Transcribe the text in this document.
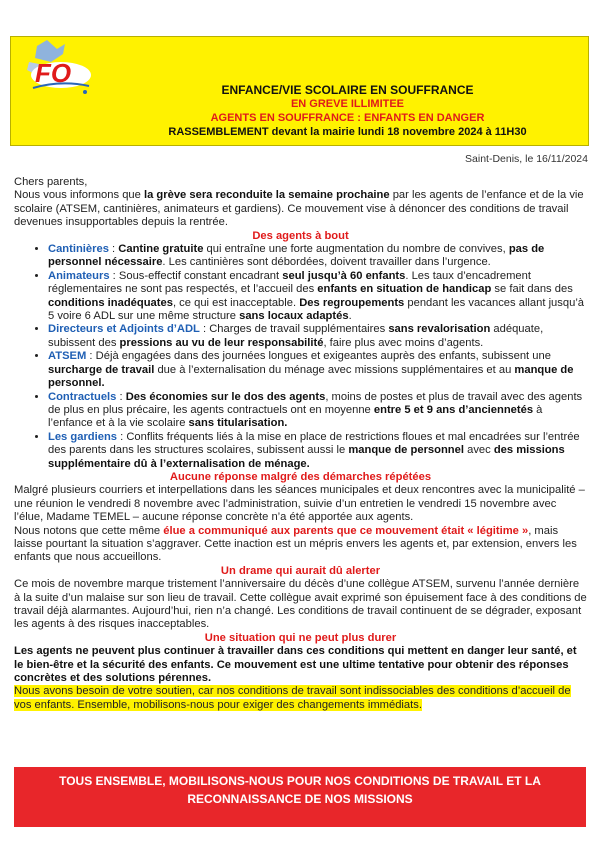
FO
ENFANCE/VIE SCOLAIRE EN SOUFFRANCE
EN GREVE ILLIMITEE
AGENTS EN SOUFFRANCE : ENFANTS EN DANGER
RASSEMBLEMENT devant la mairie lundi 18 novembre 2024 à 11H30
Saint-Denis, le 16/11/2024

Chers parents,

Nous vous informons que la grève sera reconduite la semaine prochaine par les agents de l’enfance et de la vie scolaire (ATSEM, cantinières, animateurs et gardiens). Ce mouvement vise à dénoncer des conditions de travail devenues insupportables depuis la rentrée.

Des agents à bout
• Cantinières : Cantine gratuite qui entraîne une forte augmentation du nombre de convives, pas de personnel nécessaire. Les cantinières sont débordées, doivent travailler dans l’urgence.
• Animateurs : Sous-effectif constant encadrant seul jusqu’à 60 enfants. Les taux d’encadrement réglementaires ne sont pas respectés, et l’accueil des enfants en situation de handicap se fait dans des conditions inadéquates, ce qui est inacceptable. Des regroupements pendant les vacances allant jusqu’à 5 voire 6 ADL sur une même structure sans locaux adaptés.
• Directeurs et Adjoints d’ADL : Charges de travail supplémentaires sans revalorisation adéquate, subissent des pressions au vu de leur responsabilité, faire plus avec moins d’agents.
• ATSEM : Déjà engagées dans des journées longues et exigeantes auprès des enfants, subissent une surcharge de travail due à l’externalisation du ménage avec missions supplémentaires et au manque de personnel.
• Contractuels : Des économies sur le dos des agents, moins de postes et plus de travail avec des agents de plus en plus précaire, les agents contractuels ont en moyenne entre 5 et 9 ans d’anciennetés à l’enfance et à la vie scolaire sans titularisation.
• Les gardiens : Conflits fréquents liés à la mise en place de restrictions floues et mal encadrées sur l’entrée des parents dans les structures scolaires, subissent aussi le manque de personnel avec des missions supplémentaire dû à l’externalisation de ménage.
Aucune réponse malgré des démarches répétées

Malgré plusieurs courriers et interpellations dans les séances municipales et deux rencontres avec la municipalité – une réunion le vendredi 8 novembre avec l’administration, suivie d’un entretien le vendredi 15 novembre avec l’élue, Madame TEMEL – aucune réponse concrète n’a été apportée aux agents.

Nous notons que cette même élue a communiqué aux parents que ce mouvement était « légitime », mais laisse pourtant la situation s’aggraver. Cette inaction est un mépris envers les agents et, par extension, envers les enfants que nous accueillons.

Un drame qui aurait dû alerter

Ce mois de novembre marque tristement l’anniversaire du décès d’une collègue ATSEM, survenu l’année dernière à la suite d’un malaise sur son lieu de travail. Cette collègue avait exprimé son épuisement face à des conditions de travail déjà alarmantes. Aujourd’hui, rien n’a changé. Les conditions de travail continuent de se dégrader, exposant les agents à des risques inacceptables.

Une situation qui ne peut plus durer

Les agents ne peuvent plus continuer à travailler dans ces conditions qui mettent en danger leur santé, et le bien-être et la sécurité des enfants. Ce mouvement est une ultime tentative pour obtenir des réponses concrètes et des solutions pérennes.

Nous avons besoin de votre soutien, car nos conditions de travail sont indissociables des conditions d’accueil de vos enfants. Ensemble, mobilisons-nous pour exiger des changements immédiats.

TOUS ENSEMBLE, MOBILISONS-NOUS POUR NOS CONDITIONS DE TRAVAIL ET LA
RECONNAISSANCE DE NOS MISSIONS
